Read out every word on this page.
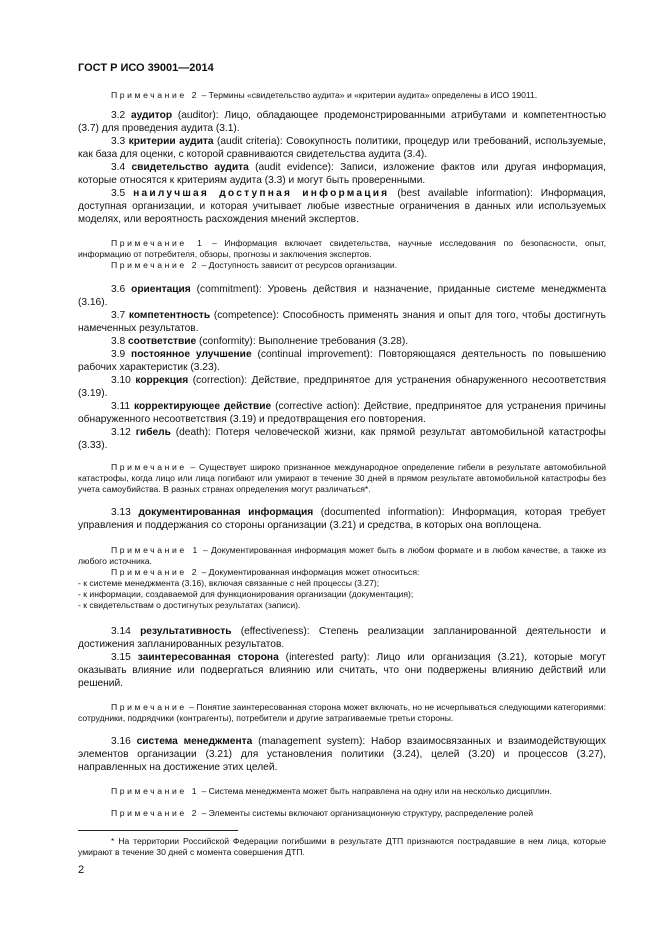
ГОСТ Р ИСО 39001—2014
Примечание 2 – Термины «свидетельство аудита» и «критерии аудита» определены в ИСО 19011.
3.2 аудитор (auditor): Лицо, обладающее продемонстрированными атрибутами и компетентностью (3.7) для проведения аудита (3.1).
3.3 критерии аудита (audit criteria): Совокупность политики, процедур или требований, используемые, как база для оценки, с которой сравниваются свидетельства аудита (3.4).
3.4 свидетельство аудита (audit evidence): Записи, изложение фактов или другая информация, которые относятся к критериям аудита (3.3) и могут быть проверенными.
3.5 наилучшая доступная информация (best available information): Информация, доступная организации, и которая учитывает любые известные ограничения в данных или используемых моделях, или вероятность расхождения мнений экспертов.
Примечание 1 – Информация включает свидетельства, научные исследования по безопасности, опыт, информацию от потребителя, обзоры, прогнозы и заключения экспертов.
Примечание 2 – Доступность зависит от ресурсов организации.
3.6 ориентация (commitment): Уровень действия и назначение, приданные системе менеджмента (3.16).
3.7 компетентность (competence): Способность применять знания и опыт для того, чтобы достигнуть намеченных результатов.
3.8 соответствие (conformity): Выполнение требования (3.28).
3.9 постоянное улучшение (continual improvement): Повторяющаяся деятельность по повышению рабочих характеристик (3.23).
3.10 коррекция (correction): Действие, предпринятое для устранения обнаруженного несоответствия (3.19).
3.11 корректирующее действие (corrective action): Действие, предпринятое для устранения причины обнаруженного несоответствия (3.19) и предотвращения его повторения.
3.12 гибель (death): Потеря человеческой жизни, как прямой результат автомобильной катастрофы (3.33).
Примечание – Существует широко признанное международное определение гибели в результате автомобильной катастрофы, когда лицо или лица погибают или умирают в течение 30 дней в прямом результате автомобильной катастрофы без учета самоубийства. В разных странах определения могут различаться*.
3.13 документированная информация (documented information): Информация, которая требует управления и поддержания со стороны организации (3.21) и средства, в которых она воплощена.
Примечание 1 – Документированная информация может быть в любом формате и в любом качестве, а также из любого источника.
Примечание 2 – Документированная информация может относиться:
- к системе менеджмента (3.16), включая связанные с ней процессы (3.27);
- к информации, создаваемой для функционирования организации (документация);
- к свидетельствам о достигнутых результатах (записи).
3.14 результативность (effectiveness): Степень реализации запланированной деятельности и достижения запланированных результатов.
3.15 заинтересованная сторона (interested party): Лицо или организация (3.21), которые могут оказывать влияние или подвергаться влиянию или считать, что они подвержены влиянию действий или решений.
Примечание – Понятие заинтересованная сторона может включать, но не исчерпываться следующими категориями: сотрудники, подрядчики (контрагенты), потребители и другие затрагиваемые третьи стороны.
3.16 система менеджмента (management system): Набор взаимосвязанных и взаимодействующих элементов организации (3.21) для установления политики (3.24), целей (3.20) и процессов (3.27), направленных на достижение этих целей.
Примечание 1 – Система менеджмента может быть направлена на одну или на несколько дисциплин.
Примечание 2 – Элементы системы включают организационную структуру, распределение ролей
* На территории Российской Федерации погибшими в результате ДТП признаются пострадавшие в нем лица, которые умирают в течение 30 дней с момента совершения ДТП.
2
